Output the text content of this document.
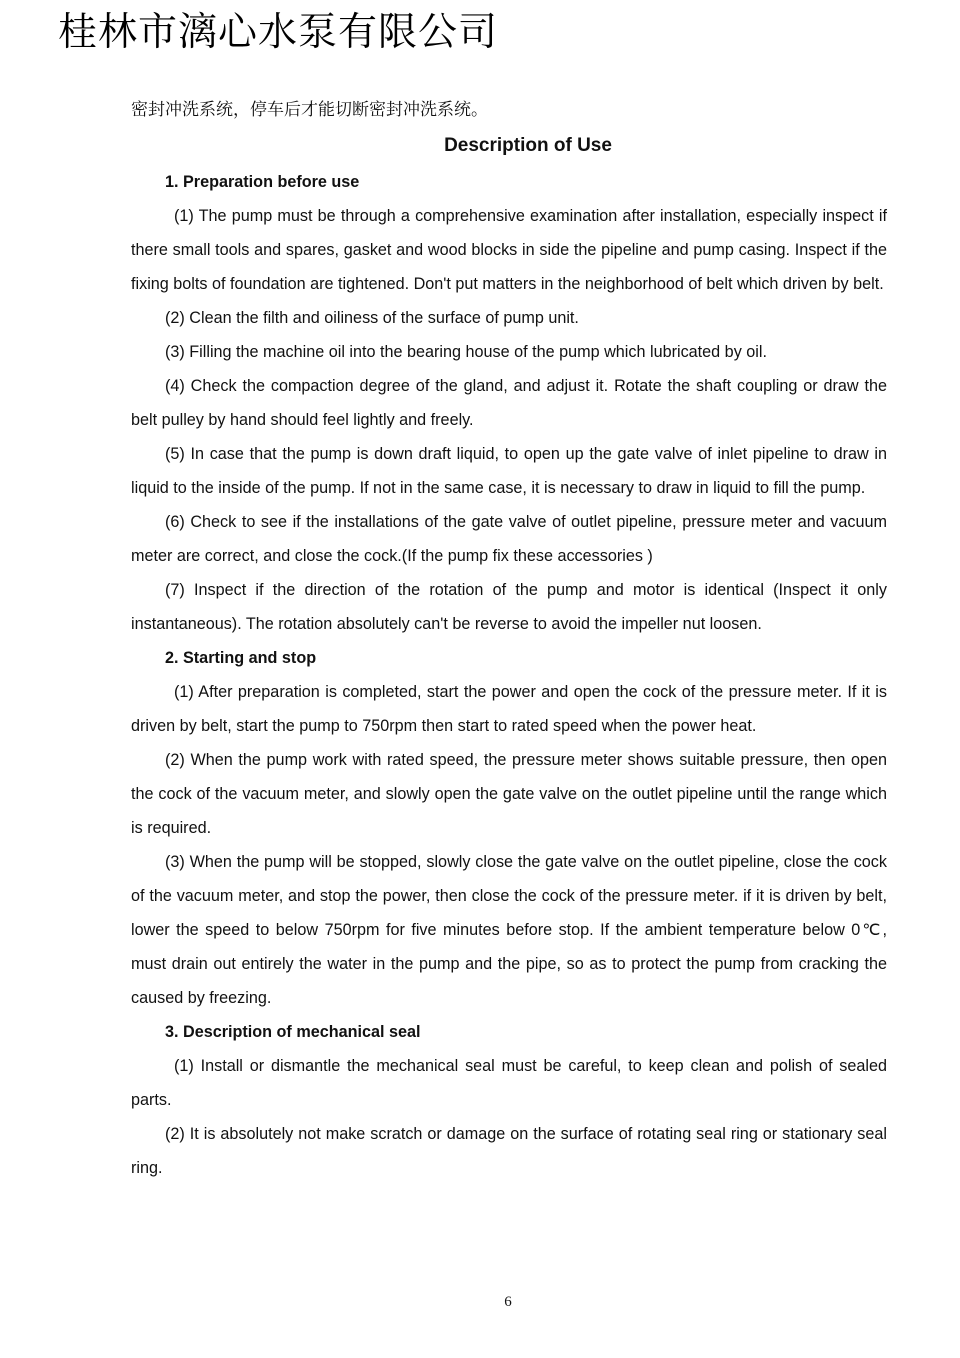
桂林市漓心水泵有限公司
密封冲洗系统，停车后才能切断密封冲洗系统。
Description of Use
1. Preparation before use

(1) The pump must be through a comprehensive examination after installation, especially inspect if there small tools and spares, gasket and wood blocks in side the pipeline and pump casing. Inspect if the fixing bolts of foundation are tightened. Don't put matters in the neighborhood of belt which driven by belt.

(2) Clean the filth and oiliness of the surface of pump unit.

(3) Filling the machine oil into the bearing house of the pump which lubricated by oil.

(4) Check the compaction degree of the gland, and adjust it. Rotate the shaft coupling or draw the belt pulley by hand should feel lightly and freely.

(5) In case that the pump is down draft liquid, to open up the gate valve of inlet pipeline to draw in liquid to the inside of the pump. If not in the same case, it is necessary to draw in liquid to fill the pump.

(6) Check to see if the installations of the gate valve of outlet pipeline, pressure meter and vacuum meter are correct, and close the cock.(If the pump fix these accessories )

(7) Inspect if the direction of the rotation of the pump and motor is identical (Inspect it only instantaneous). The rotation absolutely can't be reverse to avoid the impeller nut loosen.

2. Starting and stop

(1) After preparation is completed, start the power and open the cock of the pressure meter. If it is driven by belt, start the pump to 750rpm then start to rated speed when the power heat.

(2) When the pump work with rated speed, the pressure meter shows suitable pressure, then open the cock of the vacuum meter, and slowly open the gate valve on the outlet pipeline until the range which is required.

(3) When the pump will be stopped, slowly close the gate valve on the outlet pipeline, close the cock of the vacuum meter, and stop the power, then close the cock of the pressure meter. if it is driven by belt, lower the speed to below 750rpm for five minutes before stop. If the ambient temperature below 0℃, must drain out entirely the water in the pump and the pipe, so as to protect the pump from cracking the caused by freezing.

3. Description of mechanical seal

(1) Install or dismantle the mechanical seal must be careful, to keep clean and polish of sealed parts.

(2) It is absolutely not make scratch or damage on the surface of rotating seal ring or stationary seal ring.

6
